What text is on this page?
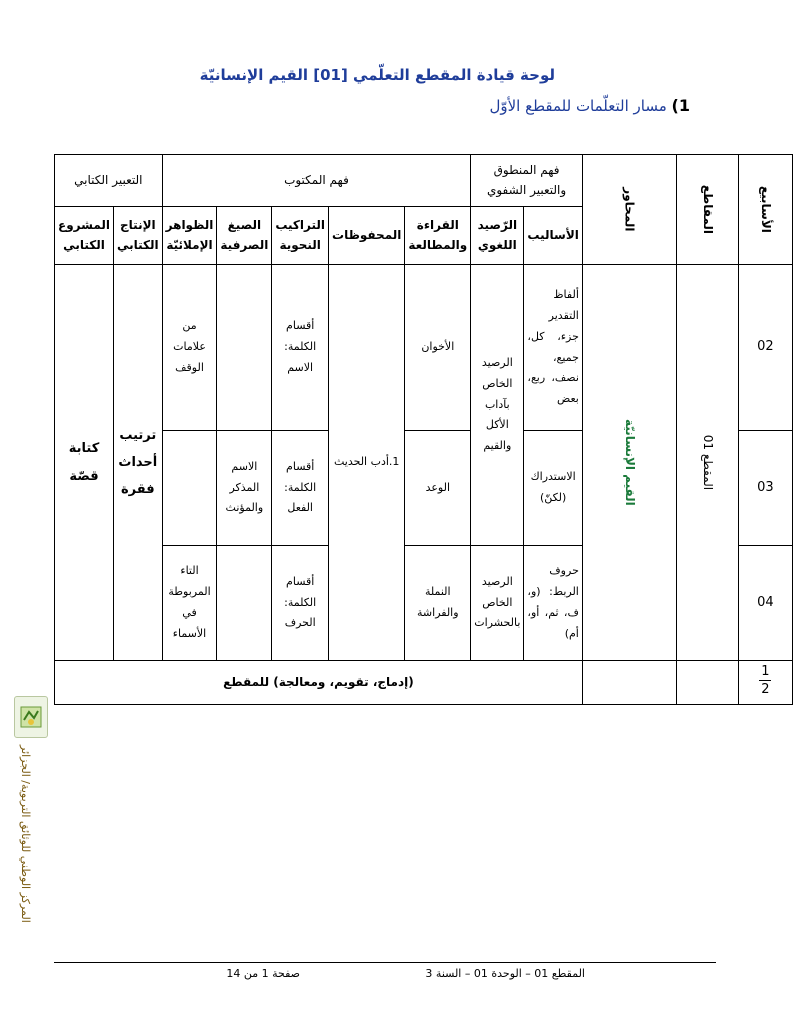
لوحة قيادة المقطع التعلّمي [01] القيم الإنسانيّة
1) مسار التعلّمات للمقطع الأوّل
التعبير الكتابي		فهم المكتوب					فهم المنطوق والتعبير الشفوي		المحاور	المقاطع	الأسابيع

المشروع الكتابي	الإنتاج الكتابي	الظواهر الإملائيّة	الصيغ الصرفية	التراكيب النحوية	المحفوظات	القراءة والمطالعة	الرّصيد اللغوي	الأساليب			
كتابة قصّة	ترتيب أحداث فقرة	من علامات الوقف		أقسام الكلمة: الاسم	1.أدب الحديث	الأخوان	الرصيد الخاص بآداب الأكل والقيم	ألفاظ التقدير جزء، كل، جميع، نصف، ربع، بعض	القيم الإنسانيّة	المقطع 01	02
			الاسم المذكر والمؤنث	أقسام الكلمة: الفعل		الوعد		الاستدراك (لكنّ)			03
		التاء المربوطة في الأسماء		أقسام الكلمة: الحرف		النملة والفراشة	الرصيد الخاص بالحشرات	حروف الربط: (و، ف، ثم، أو، أم)			04
(إدماج، تقويم، ومعالجة) للمقطع											$\frac{1}{2}$
المركز الوطني للوثائق التربوية/ الجزائر
المقطع 01 – الوحدة 01 – السنة 3
صفحة 1 من 14
